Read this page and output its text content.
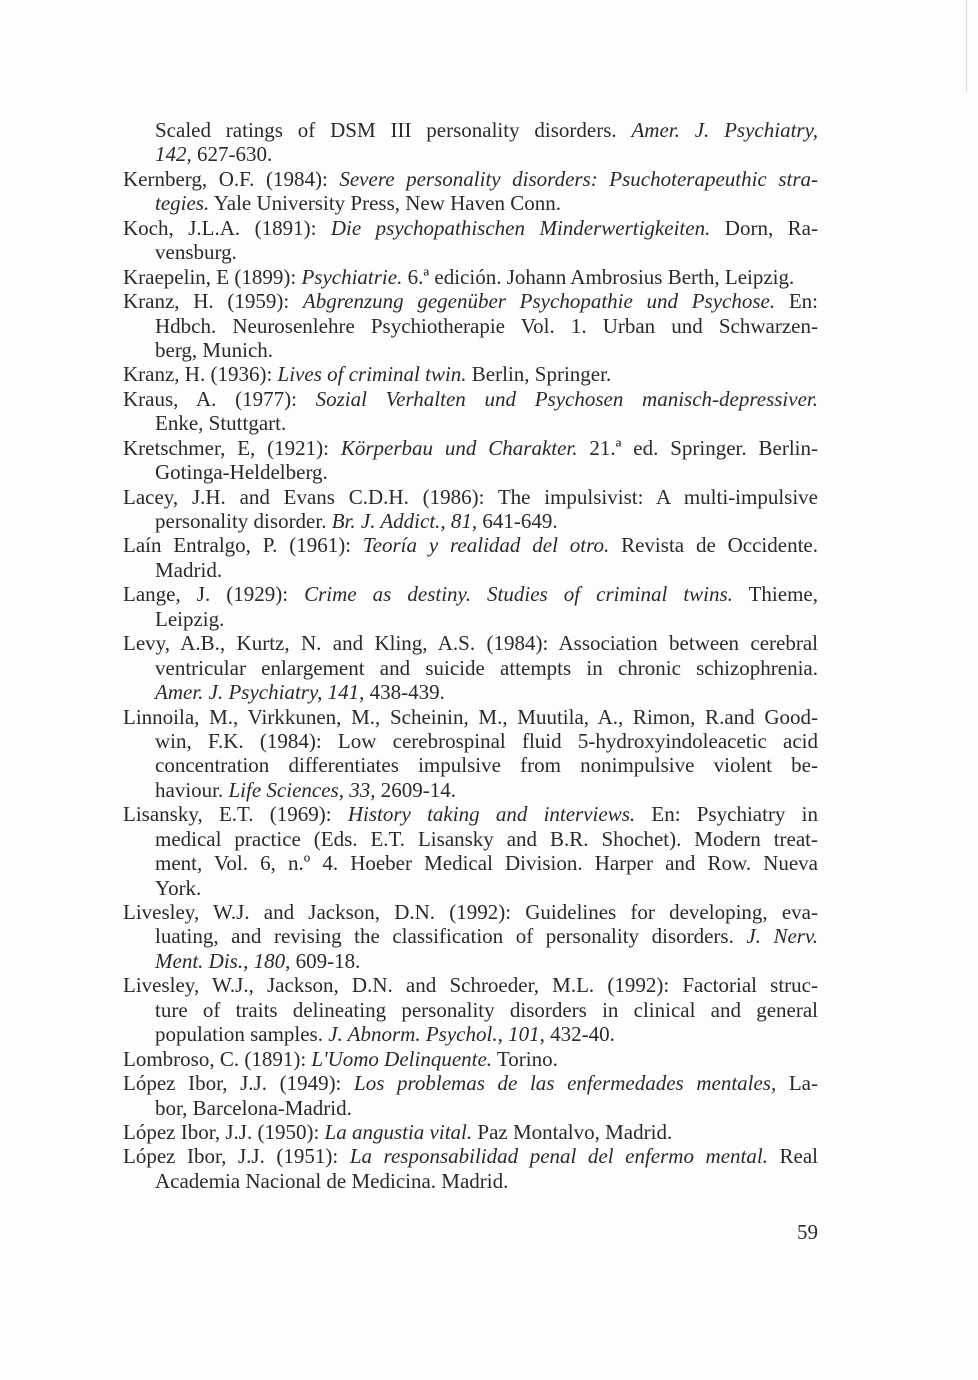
Scaled ratings of DSM III personality disorders. Amer. J. Psychiatry,
142, 627-630.
Kernberg, O.F. (1984): Severe personality disorders: Psuchoterapeuthic stra-
tegies. Yale University Press, New Haven Conn.
Koch, J.L.A. (1891): Die psychopathischen Minderwertigkeiten. Dorn, Ra-
vensburg.
Kraepelin, E (1899): Psychiatrie. 6.ª edición. Johann Ambrosius Berth, Leipzig.
Kranz, H. (1959): Abgrenzung gegenüber Psychopathie und Psychose. En:
Hdbch. Neurosenlehre Psychiotherapie Vol. 1. Urban und Schwarzen-
berg, Munich.
Kranz, H. (1936): Lives of criminal twin. Berlin, Springer.
Kraus, A. (1977): Sozial Verhalten und Psychosen manisch-depressiver.
Enke, Stuttgart.
Kretschmer, E, (1921): Körperbau und Charakter. 21.ª ed. Springer. Berlin-
Gotinga-Heldelberg.
Lacey, J.H. and Evans C.D.H. (1986): The impulsivist: A multi-impulsive
personality disorder. Br. J. Addict., 81, 641-649.
Laín Entralgo, P. (1961): Teoría y realidad del otro. Revista de Occidente.
Madrid.
Lange, J. (1929): Crime as destiny. Studies of criminal twins. Thieme,
Leipzig.
Levy, A.B., Kurtz, N. and Kling, A.S. (1984): Association between cerebral
ventricular enlargement and suicide attempts in chronic schizophrenia.
Amer. J. Psychiatry, 141, 438-439.
Linnoila, M., Virkkunen, M., Scheinin, M., Muutila, A., Rimon, R.and Good-
win, F.K. (1984): Low cerebrospinal fluid 5-hydroxyindoleacetic acid
concentration differentiates impulsive from nonimpulsive violent be-
haviour. Life Sciences, 33, 2609-14.
Lisansky, E.T. (1969): History taking and interviews. En: Psychiatry in
medical practice (Eds. E.T. Lisansky and B.R. Shochet). Modern treat-
ment, Vol. 6, n.º 4. Hoeber Medical Division. Harper and Row. Nueva
York.
Livesley, W.J. and Jackson, D.N. (1992): Guidelines for developing, eva-
luating, and revising the classification of personality disorders. J. Nerv.
Ment. Dis., 180, 609-18.
Livesley, W.J., Jackson, D.N. and Schroeder, M.L. (1992): Factorial struc-
ture of traits delineating personality disorders in clinical and general
population samples. J. Abnorm. Psychol., 101, 432-40.
Lombroso, C. (1891): L'Uomo Delinquente. Torino.
López Ibor, J.J. (1949): Los problemas de las enfermedades mentales, La-
bor, Barcelona-Madrid.
López Ibor, J.J. (1950): La angustia vital. Paz Montalvo, Madrid.
López Ibor, J.J. (1951): La responsabilidad penal del enfermo mental. Real
Academia Nacional de Medicina. Madrid.
59
